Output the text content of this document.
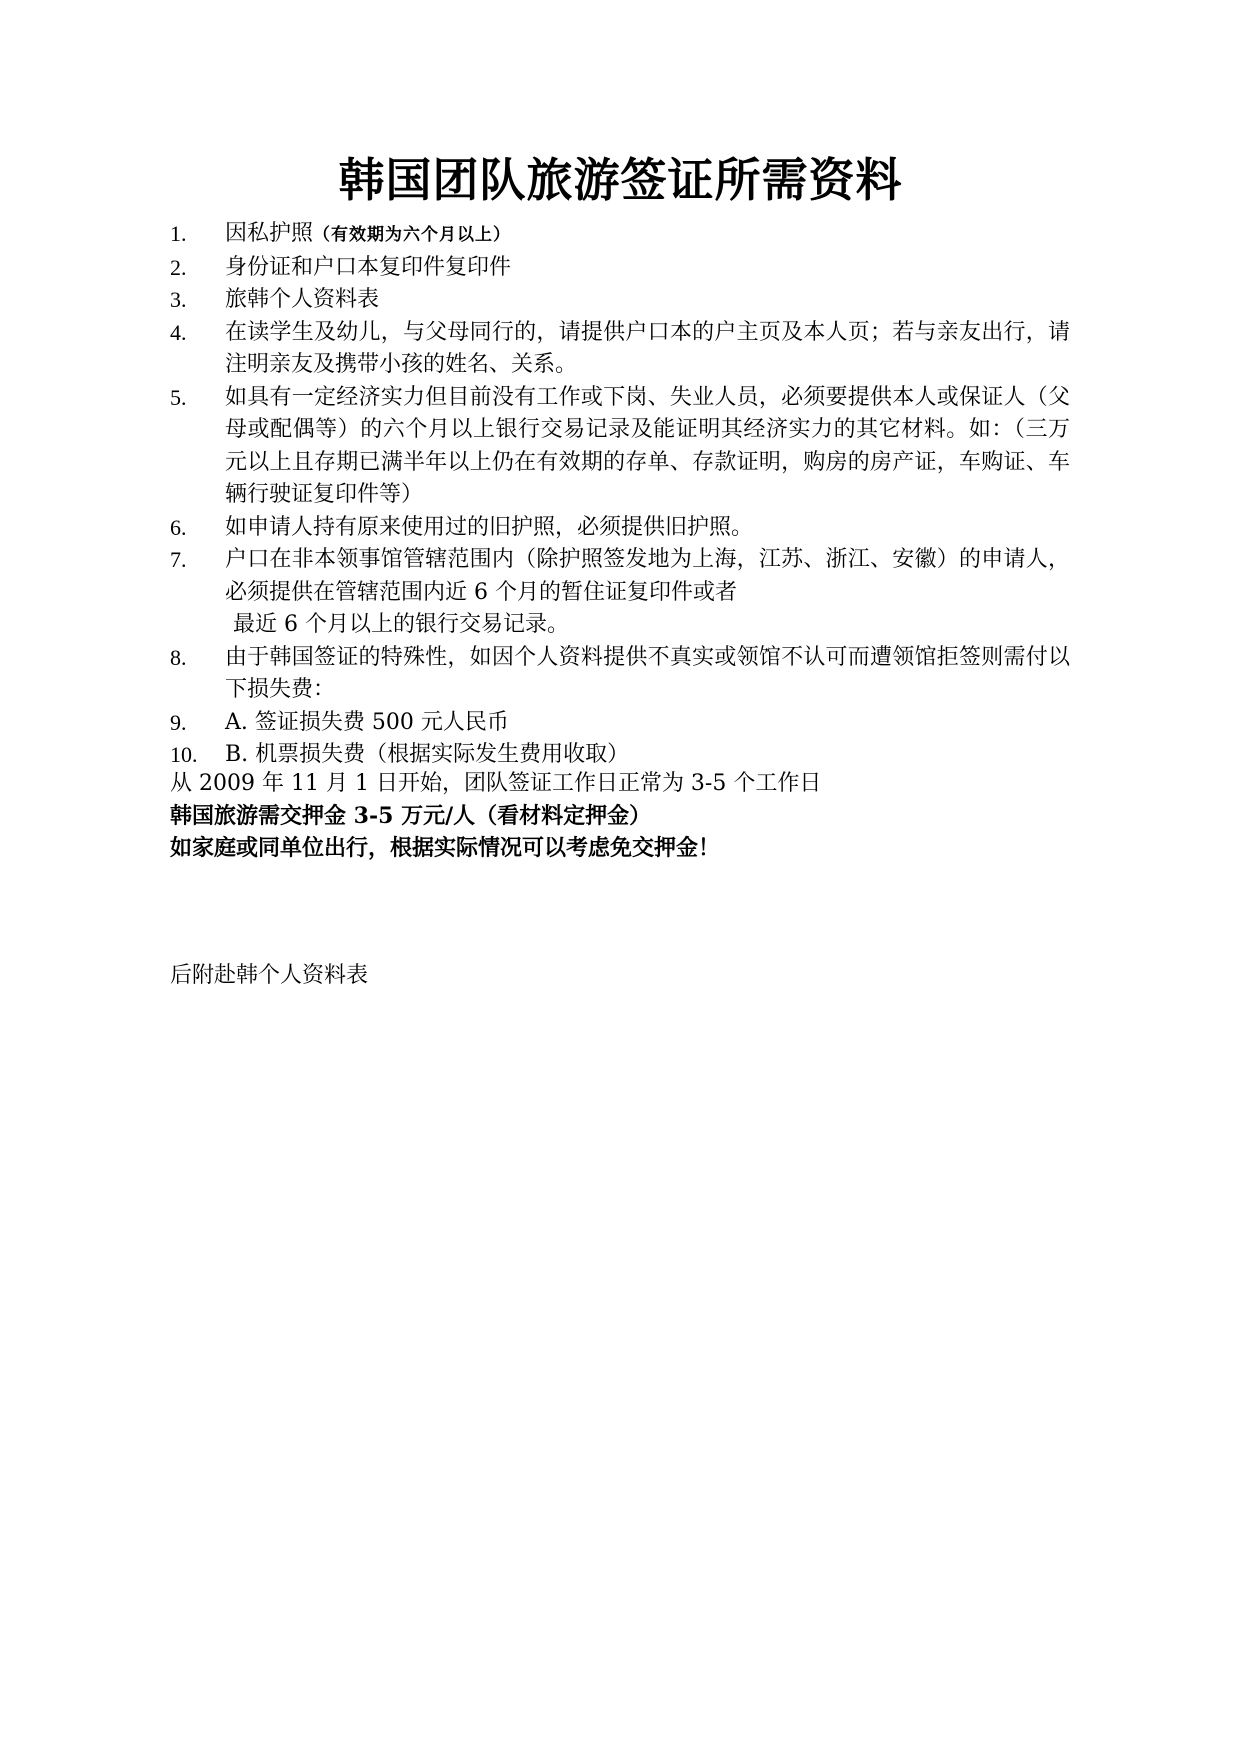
韩国团队旅游签证所需资料
1.	因私护照（有效期为六个月以上）
2.	身份证和户口本复印件复印件
3.	旅韩个人资料表
4.	在读学生及幼儿，与父母同行的，请提供户口本的户主页及本人页；若与亲友出行，请注明亲友及携带小孩的姓名、关系。
5.	如具有一定经济实力但目前没有工作或下岗、失业人员，必须要提供本人或保证人（父母或配偶等）的六个月以上银行交易记录及能证明其经济实力的其它材料。如：（三万元以上且存期已满半年以上仍在有效期的存单、存款证明，购房的房产证，车购证、车辆行驶证复印件等）
6.	如申请人持有原来使用过的旧护照，必须提供旧护照。
7.	户口在非本领事馆管辖范围内（除护照签发地为上海，江苏、浙江、安徽）的申请人，必须提供在管辖范围内近 6 个月的暂住证复印件或者
最近 6 个月以上的银行交易记录。
8.	由于韩国签证的特殊性，如因个人资料提供不真实或领馆不认可而遭领馆拒签则需付以下损失费：
9.	A. 签证损失费 500 元人民币
10.	B. 机票损失费（根据实际发生费用收取）
从 2009 年 11 月 1 日开始，团队签证工作日正常为 3-5 个工作日
韩国旅游需交押金 3-5 万元/人（看材料定押金）
如家庭或同单位出行，根据实际情况可以考虑免交押金！
后附赴韩个人资料表
